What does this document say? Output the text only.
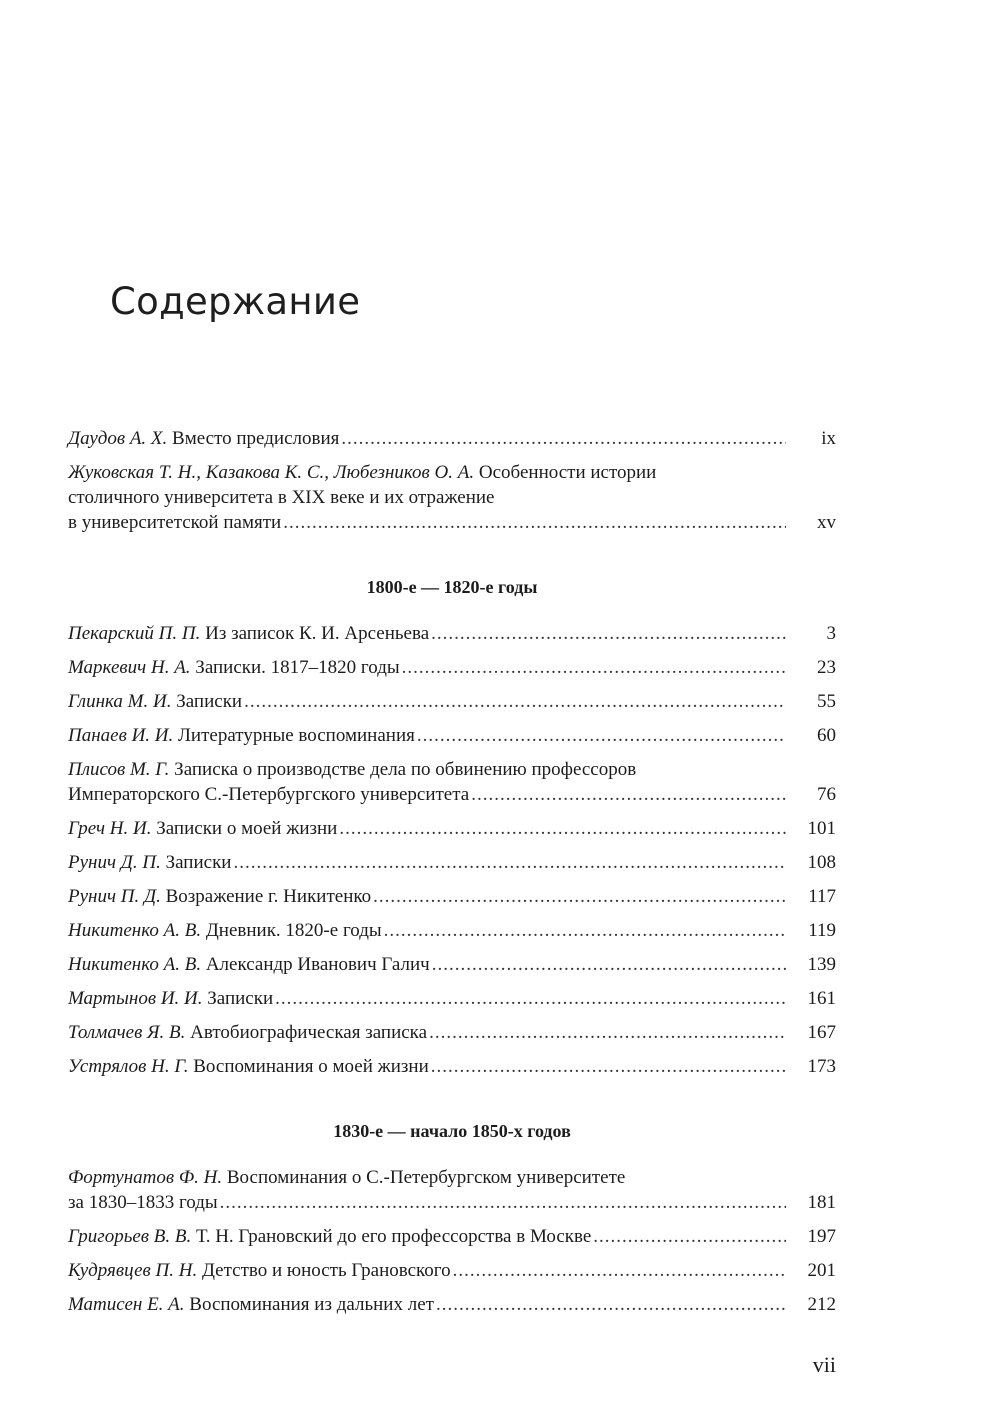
Содержание
Даудов А. Х. Вместо предисловия .....	ix
Жуковская Т. Н., Казакова К. С., Любезников О. А. Особенности истории
столичного университета в XIX веке и их отражение
в университетской памяти .....	xv
1800-е — 1820-е годы
Пекарский П. П. Из записок К. И. Арсеньева .....	3
Маркевич Н. А. Записки. 1817–1820 годы .....	23
Глинка М. И. Записки .....	55
Панаев И. И. Литературные воспоминания .....	60
Плисов М. Г. Записка о производстве дела по обвинению профессоров
Императорского С.-Петербургского университета .....	76
Греч Н. И. Записки о моей жизни .....	101
Рунич Д. П. Записки .....	108
Рунич П. Д. Возражение г. Никитенко .....	117
Никитенко А. В. Дневник. 1820-е годы .....	119
Никитенко А. В. Александр Иванович Галич .....	139
Мартынов И. И. Записки .....	161
Толмачев Я. В. Автобиографическая записка .....	167
Устрялов Н. Г. Воспоминания о моей жизни .....	173
1830-е — начало 1850-х годов
Фортунатов Ф. Н. Воспоминания о С.-Петербургском университете
за 1830–1833 годы .....	181
Григорьев В. В. Т. Н. Грановский до его профессорства в Москве .....	197
Кудрявцев П. Н. Детство и юность Грановского .....	201
Матисен Е. А. Воспоминания из дальних лет .....	212
vii
